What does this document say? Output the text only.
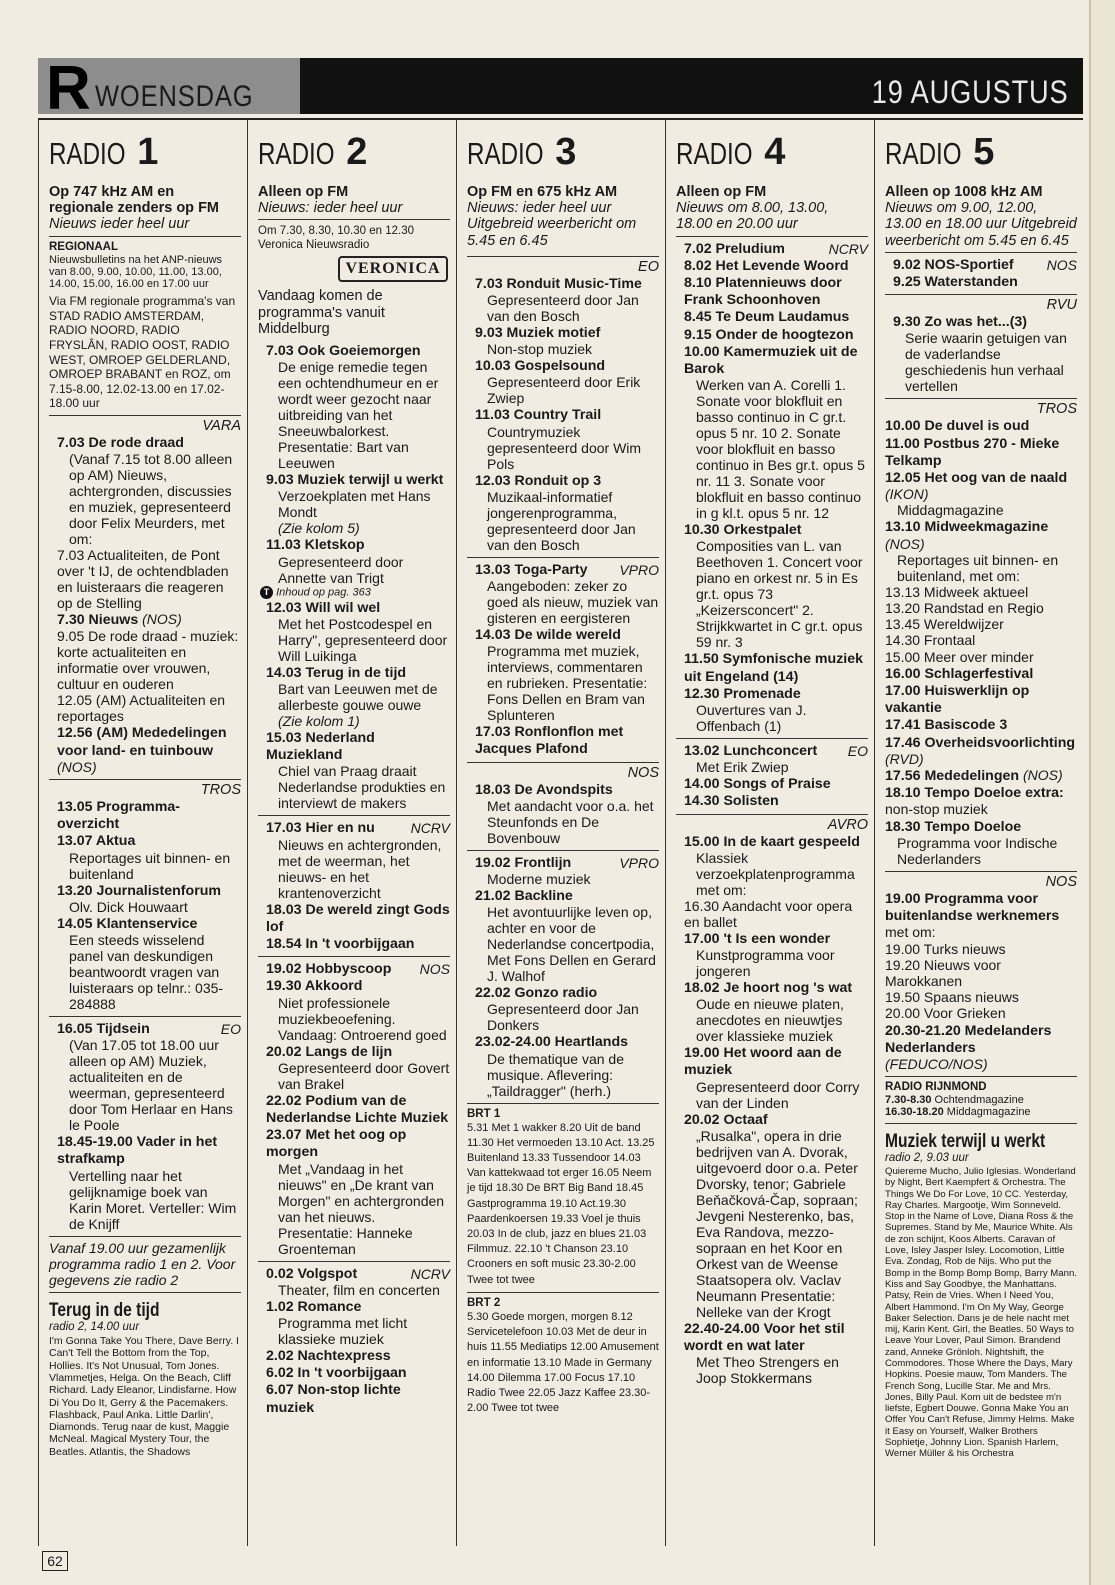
R WOENSDAG	19 AUGUSTUS
RADIO 1
Op 747 kHz AM en regionale zenders op FM
Nieuws ieder heel uur
REGIONAAL
Nieuwsbulletins na het ANP-nieuws van 8.00, 9.00, 10.00, 11.00, 13.00, 14.00, 15.00, 16.00 en 17.00 uur
Via FM regionale programma's van STAD RADIO AMSTERDAM, RADIO NOORD, RADIO FRYSLÂN, RADIO OOST, RADIO WEST, OMROEP GELDERLAND, OMROEP BRABANT en ROZ, om 7.15-8.00, 12.02-13.00 en 17.02-18.00 uur
VARA
7.03 De rode draad
(Vanaf 7.15 tot 8.00 alleen op AM) Nieuws, achtergronden, discussies en muziek, gepresenteerd door Felix Meurders, met om:
7.03 Actualiteiten, de Pont over 't IJ, de ochtendbladen en luisteraars die reageren op de Stelling
7.30 Nieuws (NOS)
9.05 De rode draad - muziek: korte actualiteiten en informatie over vrouwen, cultuur en ouderen
12.05 (AM) Actualiteiten en reportages
12.56 (AM) Mededelingen voor land- en tuinbouw (NOS)
TROS
13.05 Programma-overzicht
13.07 Aktua
Reportages uit binnen- en buitenland
13.20 Journalistenforum
Olv. Dick Houwaart
14.05 Klantenservice
Een steeds wisselend panel van deskundigen beantwoordt vragen van luisteraars op telnr.: 035-284888
16.05 Tijdsein	EO
(Van 17.05 tot 18.00 uur alleen op AM) Muziek, actualiteiten en de weerman, gepresenteerd door Tom Herlaar en Hans le Poole
18.45-19.00 Vader in het strafkamp
Vertelling naar het gelijknamige boek van Karin Moret. Verteller: Wim de Knijff
Vanaf 19.00 uur gezamenlijk programma radio 1 en 2. Voor gegevens zie radio 2
Terug in de tijd
radio 2, 14.00 uur
I'm Gonna Take You There, Dave Berry. I Can't Tell the Bottom from the Top, Hollies. It's Not Unusual, Tom Jones. Vlammetjes, Helga. On the Beach, Cliff Richard. Lady Eleanor, Lindisfarne. How Di You Do It, Gerry & the Pacemakers. Flashback, Paul Anka. Little Darlin', Diamonds. Terug naar de kust, Maggie McNeal. Magical Mystery Tour, the Beatles. Atlantis, the Shadows
RADIO 2
Alleen op FM
Nieuws: ieder heel uur
Om 7.30, 8.30, 10.30 en 12.30 Veronica Nieuwsradio
VERONICA
Vandaag komen de programma's vanuit Middelburg
7.03 Ook Goeiemorgen
De enige remedie tegen een ochtendhumeur en er wordt weer gezocht naar uitbreiding van het Sneeuwbalorkest. Presentatie: Bart van Leeuwen
9.03 Muziek terwijl u werkt
Verzoekplaten met Hans Mondt
(Zie kolom 5)
11.03 Kletskop
Gepresenteerd door Annette van Trigt
T Inhoud op pag. 363
12.03 Will wil wel
Met het Postcodespel en Harry", gepresenteerd door Will Luikinga
14.03 Terug in de tijd
Bart van Leeuwen met de allerbeste gouwe ouwe
(Zie kolom 1)
15.03 Nederland Muziekland
Chiel van Praag draait Nederlandse produkties en interviewt de makers
17.03 Hier en nu	NCRV
Nieuws en achtergronden, met de weerman, het nieuws- en het krantenoverzicht
18.03 De wereld zingt Gods lof
18.54 In 't voorbijgaan
19.02 Hobbyscoop NOS
19.30 Akkoord
Niet professionele muziekbeoefening. Vandaag: Ontroerend goed
20.02 Langs de lijn
Gepresenteerd door Govert van Brakel
22.02 Podium van de Nederlandse Lichte Muziek
23.07 Met het oog op morgen
Met „Vandaag in het nieuws" en „De krant van Morgen" en achtergronden van het nieuws. Presentatie: Hanneke Groenteman
0.02 Volgspot	NCRV
Theater, film en concerten
1.02 Romance
Programma met licht klassieke muziek
2.02 Nachtexpress
6.02 In 't voorbijgaan
6.07 Non-stop lichte muziek
RADIO 3
Op FM en 675 kHz AM
Nieuws: ieder heel uur Uitgebreid weerbericht om 5.45 en 6.45
EO
7.03 Ronduit Music-Time
Gepresenteerd door Jan van den Bosch
9.03 Muziek motief
Non-stop muziek
10.03 Gospelsound
Gepresenteerd door Erik Zwiep
11.03 Country Trail
Countrymuziek gepresenteerd door Wim Pols
12.03 Ronduit op 3
Muzikaal-informatief jongerenprogramma, gepresenteerd door Jan van den Bosch
13.03 Toga-Party VPRO
Aangeboden: zeker zo goed als nieuw, muziek van gisteren en eergisteren
14.03 De wilde wereld
Programma met muziek, interviews, commentaren en rubrieken. Presentatie: Fons Dellen en Bram van Splunteren
17.03 Ronflonflon met Jacques Plafond
NOS
18.03 De Avondspits
Met aandacht voor o.a. het Steunfonds en De Bovenbouw
19.02 Frontlijn	VPRO
Moderne muziek
21.02 Backline
Het avontuurlijke leven op, achter en voor de Nederlandse concertpodia, Met Fons Dellen en Gerard J. Walhof
22.02 Gonzo radio
Gepresenteerd door Jan Donkers
23.02-24.00 Heartlands
De thematique van de musique. Aflevering: „Taildragger" (herh.)
BRT 1
5.31 Met 1 wakker 8.20 Uit de band 11.30 Het vermoeden 13.10 Act. 13.25 Buitenland 13.33 Tussendoor 14.03 Van kattekwaad tot erger 16.05 Neem je tijd 18.30 De BRT Big Band 18.45 Gastprogramma 19.10 Act.19.30 Paardenkoersen 19.33 Voel je thuis 20.03 In de club, jazz en blues 21.03 Filmmuz. 22.10 't Chanson 23.10 Crooners en soft music 23.30-2.00 Twee tot twee
BRT 2
5.30 Goede morgen, morgen 8.12 Servicetelefoon 10.03 Met de deur in huis 11.55 Mediatips 12.00 Amusement en informatie 13.10 Made in Germany 14.00 Dilemma 17.00 Focus 17.10 Radio Twee 22.05 Jazz Kaffee 23.30-2.00 Twee tot twee
RADIO 4
Alleen op FM
Nieuws om 8.00, 13.00, 18.00 en 20.00 uur
7.02 Preludium	NCRV
8.02 Het Levende Woord
8.10 Platennieuws door Frank Schoonhoven
8.45 Te Deum Laudamus
9.15 Onder de hoogtezon
10.00 Kamermuziek uit de Barok
Werken van A. Corelli 1. Sonate voor blokfluit en basso continuo in C gr.t. opus 5 nr. 10 2. Sonate voor blokfluit en basso continuo in Bes gr.t. opus 5 nr. 11 3. Sonate voor blokfluit en basso continuo in g kl.t. opus 5 nr. 12
10.30 Orkestpalet
Composities van L. van Beethoven 1. Concert voor piano en orkest nr. 5 in Es gr.t. opus 73 „Keizersconcert" 2. Strijkkwartet in C gr.t. opus 59 nr. 3
11.50 Symfonische muziek uit Engeland (14)
12.30 Promenade
Ouvertures van J. Offenbach (1)
13.02 Lunchconcert EO
Met Erik Zwiep
14.00 Songs of Praise
14.30 Solisten
AVRO
15.00 In de kaart gespeeld
Klassiek verzoekplatenprogramma met om:
16.30 Aandacht voor opera en ballet
17.00 't Is een wonder
Kunstprogramma voor jongeren
18.02 Je hoort nog 's wat
Oude en nieuwe platen, anecdotes en nieuwtjes over klassieke muziek
19.00 Het woord aan de muziek
Gepresenteerd door Corry van der Linden
20.02 Octaaf
„Rusalka", opera in drie bedrijven van A. Dvorak, uitgevoerd door o.a. Peter Dvorsky, tenor; Gabriele Beňačková-Čap, sopraan; Jevgeni Nesterenko, bas, Eva Randova, mezzo-sopraan en het Koor en Orkest van de Weense Staatsopera olv. Vaclav Neumann Presentatie: Nelleke van der Krogt
22.40-24.00 Voor het stil wordt en wat later
Met Theo Strengers en Joop Stokkermans
RADIO 5
Alleen op 1008 kHz AM
Nieuws om 9.00, 12.00, 13.00 en 18.00 uur Uitgebreid weerbericht om 5.45 en 6.45
9.02 NOS-Sportief NOS
9.25 Waterstanden
RVU
9.30 Zo was het...(3)
Serie waarin getuigen van de vaderlandse geschiedenis hun verhaal vertellen
TROS
10.00 De duvel is oud
11.00 Postbus 270 - Mieke Telkamp
12.05 Het oog van de naald (IKON)
Middagmagazine
13.10 Midweekmagazine (NOS)
Reportages uit binnen- en buitenland, met om:
13.13 Midweek aktueel
13.20 Randstad en Regio
13.45 Wereldwijzer
14.30 Frontaal
15.00 Meer over minder
16.00 Schlagerfestival
17.00 Huiswerklijn op vakantie
17.41 Basiscode 3
17.46 Overheidsvoorlichting (RVD)
17.56 Mededelingen (NOS)
18.10 Tempo Doeloe extra: non-stop muziek
18.30 Tempo Doeloe
Programma voor Indische Nederlanders
NOS
19.00 Programma voor buitenlandse werknemers met om:
19.00 Turks nieuws
19.20 Nieuws voor Marokkanen
19.50 Spaans nieuws
20.00 Voor Grieken
20.30-21.20 Medelanders Nederlanders (FEDUCO/NOS)
RADIO RIJNMOND
7.30-8.30 Ochtendmagazine
16.30-18.20 Middagmagazine
Muziek terwijl u werkt
radio 2, 9.03 uur
Quiereme Mucho, Julio Iglesias. Wonderland by Night, Bert Kaempfert & Orchestra. The Things We Do For Love, 10 CC. Yesterday, Ray Charles. Margootje, Wim Sonneveld. Stop in the Name of Love, Diana Ross & the Supremes. Stand by Me, Maurice White. Als de zon schijnt, Koos Alberts. Caravan of Love, Isley Jasper Isley. Locomotion, Little Eva. Zondag, Rob de Nijs. Who put the Bomp in the Bomp Bomp Bomp, Barry Mann. Kiss and Say Goodbye, the Manhattans. Patsy, Rein de Vries. When I Need You, Albert Hammond. I'm On My Way, George Baker Selection. Dans je de hele nacht met mij, Karin Kent. Girl, the Beatles. 50 Ways to Leave Your Lover, Paul Simon. Brandend zand, Anneke Grönloh. Nightshift, the Commodores. Those Where the Days, Mary Hopkins. Poesie mauw, Tom Manders. The French Song, Lucille Star. Me and Mrs. Jones, Billy Paul. Kom uit de bedstee m'n liefste, Egbert Douwe. Gonna Make You an Offer You Can't Refuse, Jimmy Helms. Make it Easy on Yourself, Walker Brothers Sophietje, Johnny Lion. Spanish Harlem, Werner Müller & his Orchestra
62
